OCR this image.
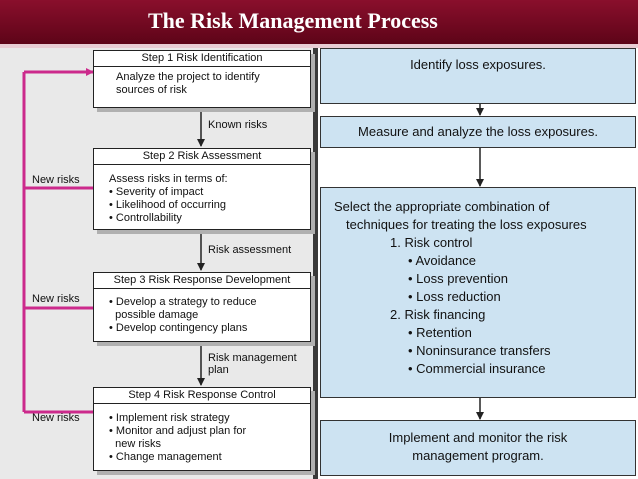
The Risk Management Process
Step 1 Risk Identification
Analyze the project to identify
sources of risk
Step 2 Risk Assessment
Assess risks in terms of:
• Severity of impact
• Likelihood of occurring
• Controllability
Step 3 Risk Response Development
• Develop a strategy to reduce
possible damage
• Develop contingency plans
Step 4 Risk Response Control
• Implement risk strategy
• Monitor and adjust plan for
new risks
• Change management
Known risks
Risk assessment
Risk management
plan
New risks
New risks
New risks
Identify loss exposures.
Measure and analyze the loss exposures.
Select the appropriate combination of
techniques for treating the loss exposures
1. Risk control
• Avoidance
• Loss prevention
• Loss reduction
2. Risk financing
• Retention
• Noninsurance transfers
• Commercial insurance
Implement and monitor the risk
management program.
